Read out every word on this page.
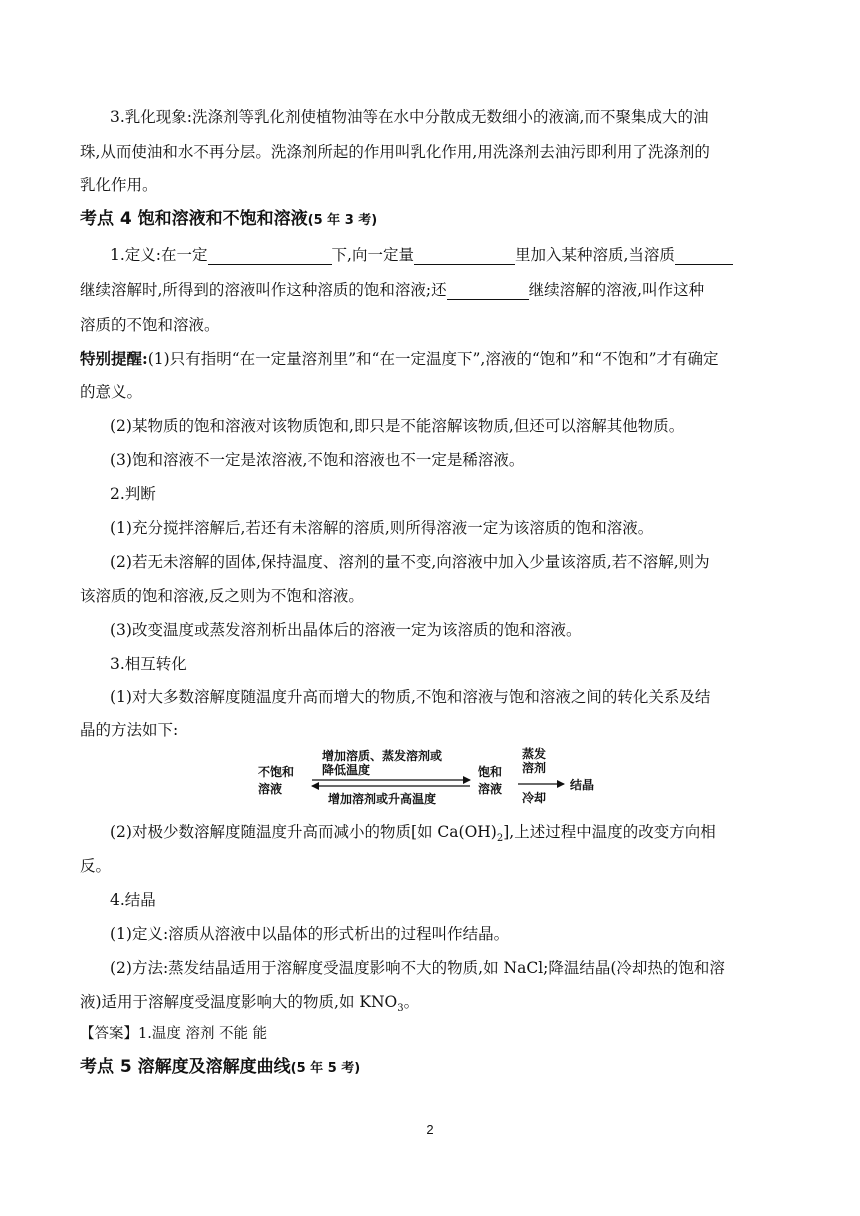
3.乳化现象:洗涤剂等乳化剂使植物油等在水中分散成无数细小的液滴,而不聚集成大的油
珠,从而使油和水不再分层。洗涤剂所起的作用叫乳化作用,用洗涤剂去油污即利用了洗涤剂的
乳化作用。
考点 4 饱和溶液和不饱和溶液(5 年 3 考)
1.定义:在一定	下,向一定量	里加入某种溶质,当溶质
继续溶解时,所得到的溶液叫作这种溶质的饱和溶液;还	继续溶解的溶液,叫作这种
溶质的不饱和溶液。
特别提醒:(1)只有指明“在一定量溶剂里”和“在一定温度下”,溶液的“饱和”和“不饱和”才有确定
的意义。
(2)某物质的饱和溶液对该物质饱和,即只是不能溶解该物质,但还可以溶解其他物质。
(3)饱和溶液不一定是浓溶液,不饱和溶液也不一定是稀溶液。
2.判断
(1)充分搅拌溶解后,若还有未溶解的溶质,则所得溶液一定为该溶质的饱和溶液。
(2)若无未溶解的固体,保持温度、溶剂的量不变,向溶液中加入少量该溶质,若不溶解,则为
该溶质的饱和溶液,反之则为不饱和溶液。
(3)改变温度或蒸发溶剂析出晶体后的溶液一定为该溶质的饱和溶液。
3.相互转化
(1)对大多数溶解度随温度升高而增大的物质,不饱和溶液与饱和溶液之间的转化关系及结
晶的方法如下:
不饱和
溶液
增加溶质、蒸发溶剂或
降低温度
增加溶剂或升高温度
饱和
溶液
蒸发
溶剂
冷却
结晶
(2)对极少数溶解度随温度升高而减小的物质[如 $Ca(OH)_2$],上述过程中温度的改变方向相
反。
4.结晶
(1)定义:溶质从溶液中以晶体的形式析出的过程叫作结晶。
(2)方法:蒸发结晶适用于溶解度受温度影响不大的物质,如 NaCl;降温结晶(冷却热的饱和溶
液)适用于溶解度受温度影响大的物质,如 $KNO_3$。
【答案】1.温度 溶剂 不能 能
考点 5 溶解度及溶解度曲线(5 年 5 考)
2
